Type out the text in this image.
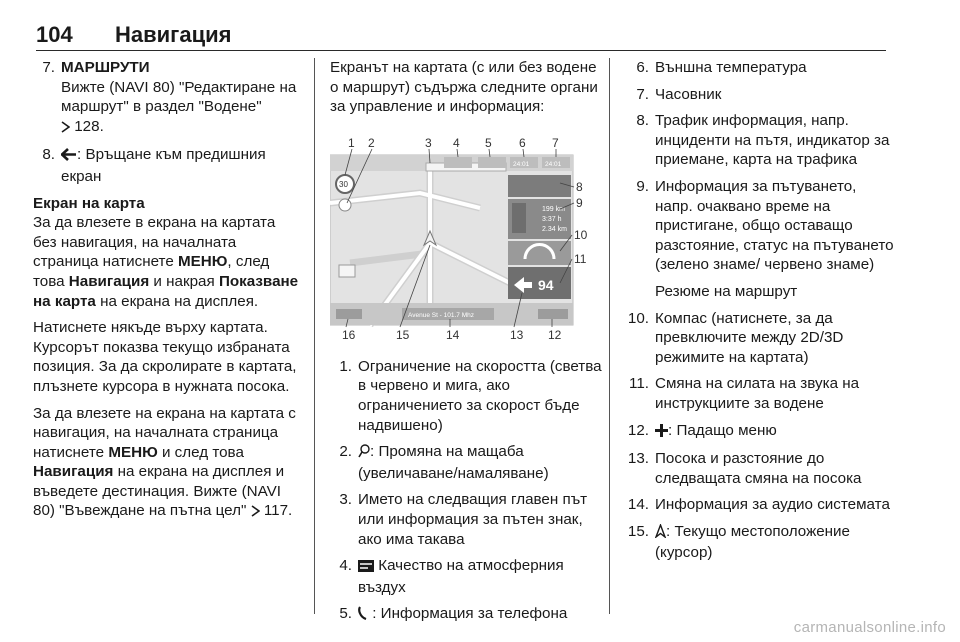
104 Навигация
7. МАРШРУТИ
Вижте (NAVI 80) "Редактиране на маршрут" в раздел "Водене"
128.
8. : Връщане към предишния екран

Екран на карта

За да влезете в екрана на картата без навигация, на началната страница натиснете МЕНЮ, след това Навигация и накрая Показване на карта на екрана на дисплея.

Натиснете някъде върху картата. Курсорът показва текущо избраната позиция. За да скролирате в картата, плъзнете курсора в нужната посока.

За да влезете на екрана на картата с навигация, на началната страница натиснете МЕНЮ и след това Навигация на екрана на дисплея и въведете дестинация. Вижте (NAVI 80) "Въвеждане на пътна цел"  117.

Екранът на картата (с или без водене о маршрут) съдържа следните органи за управление и информация:

1 2	3 4 5 6 7
8
9
10
11
16	15	14	13 12
24:01 24:01
30
199 km
3:37 h
2.34 km
94
Avenue St - 101.7 Mhz
1. Ограничение на скоростта (светва в червено и мига, ако ограничението за скорост бъде надвишено)
2. : Промяна на мащаба (увеличаване/намаляване)
3. Името на следващия главен път или информация за пътен знак, ако има такава
4. Качество на атмосферния въздух
5. : Информация за телефона
6. Външна температура
7. Часовник
8. Трафик информация, напр. инциденти на пътя, индикатор за приемане, карта на трафика
9. Информация за пътуването, напр. очаквано време на пристигане, общо оставащо разстояние, статус на пътуването (зелено знаме/ червено знаме)

Резюме на маршрут

10. Компас (натиснете, за да превключите между 2D/3D режимите на картата)
11. Смяна на силата на звука на инструкциите за водене
12. : Падащо меню
13. Посока и разстояние до следващата смяна на посока
14. Информация за аудио системата
15. : Текущо местоположение (курсор)
carmanualsonline.info
